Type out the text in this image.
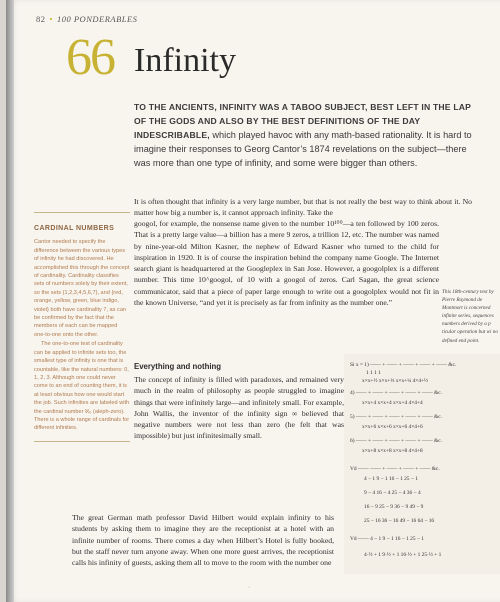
82 • 100 PONDERABLES
66 Infinity
TO THE ANCIENTS, INFINITY WAS A TABOO SUBJECT, BEST LEFT IN THE LAP OF THE GODS AND ALSO BY THE BEST DEFINITIONS OF THE DAY INDESCRIBABLE, which played havoc with any math-based rationality. It is hard to imagine their responses to Georg Cantor’s 1874 revelations on the subject—there was more than one type of infinity, and some were bigger than others.

It is often thought that infinity is a very large number, but that is not really the best way to think about it. No matter how big a number is, it cannot approach infinity. Take the

googol, for example, the nonsense name given to the number 10¹⁰⁰—a ten followed by 100 zeros. That is a pretty large value—a billion has a mere 9 zeros, a trillion 12, etc. The number was named by nine-year-old Milton Kasner, the nephew of Edward Kasner who turned to the child for inspiration in 1920. It is of course the inspiration behind the company name Google. The Internet search giant is headquartered at the Googleplex in San Jose. However, a googolplex is a different number. This time 10^googol, of 10 with a googol of zeros. Carl Sagan, the great science communicator, said that a piece of paper large enough to write out a googolplex would not fit in the known Universe, “and yet it is precisely as far from infinity as the number one.”

CARDINAL NUMBERS

Cantor needed to specify the difference between the various types of infinity he had discovered. He accomplished this through the concept of cardinality. Cardinality classifies sets of numbers solely by their extent, so the sets {1,2,3,4,5,6,7}, and {red, orange, yellow, green, blue indigo, violet} both have cardinality 7, as can be confirmed by the fact that the members of each can be mapped one-to-one onto the other.

The one-to-one test of cardinality can be applied to infinite sets too, the smallest type of infinity is one that is countable, like the natural numbers: 0, 1, 2, 3. Although one could never come to an end of counting them, it is at least obvious how one would start the job. Such infinities are labeled with the cardinal number ℵ₀ (aleph-zero). There is a whole range of cardinals for different infinities.

This 18th-century text by Pierre Raymond de Montmort is concerned infinite series, sequences numbers derived by a p ticular operation but wi no defined end point.
Everything and nothing

The concept of infinity is filled with paradoxes, and remained very much in the realm of philosophy as people struggled to imagine things that were infinitely large—and infinitely small. For example, John Wallis, the inventor of the infinity sign ∞ believed that negative numbers were not less than zero (he felt that was impossible) but just infinitesimally small.

The great German math professor David Hilbert would explain infinity to his students by asking them to imagine they are the receptionist at a hotel with an infinite number of rooms. There comes a day when Hilbert’s Hotel is fully booked, but the staff never turn anyone away. When one more guest arrives, the receptionist calls his infinity of guests, asking them all to move to the room with the number one

Si x = 1) —— + —— + —— + —— + —— &c.
1 1 1 1
x×x+½ x×x+⅓ x×x+¼ 4×4+½
4) —— + —— + —— + —— + —— &c.
x×x+4 x×x+4 x×x+4 4×4+4
5) —— + —— + —— + —— + —— &c.
x×x+6 x×x+6 x×x+6 4×4+6
6) —— + —— + —— + —— + —— &c.
x×x+8 x×x+8 x×x+8 4×4+8
Vd —— —— + —— + —— + —— &c.
4 − 1 9 − 1 16 − 1 25 − 1
9 − 4 16 − 4 25 − 4 36 − 4
16 − 9 25 − 9 36 − 9 49 − 9
25 − 16 36 − 16 49 − 16 64 − 16
Vd —— 4 − 1 9 − 1 16 − 1 25 − 1
4·½ + 1 9·½ + 1 16·½ + 1 25·½ + 1
·
